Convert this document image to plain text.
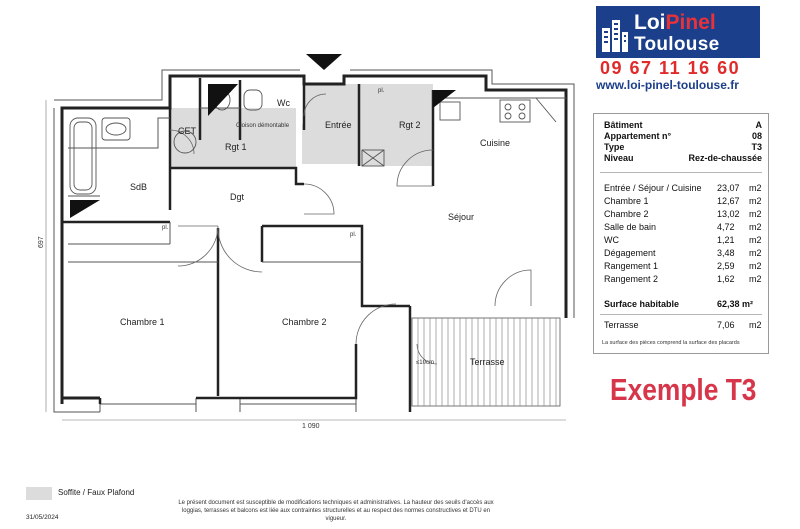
Wc
CET
Rgt 1
Entrée	Rgt 2
Cuisine
SdB
Dgt
Séjour
Chambre 1	Chambre 2
Terrasse
Cloison démontable
pl.
pl.
pl.
≤10cm
1 090
697
LoiPinel
Toulouse
09 67 11 16 60
www.loi-pinel-toulouse.fr
Bâtiment	A
Appartement n°	08
Type	T3
Niveau	Rez-de-chaussée
Entrée / Séjour / Cuisine 23,07 m2
Chambre 1	12,67 m2
Chambre 2	13,02 m2
Salle de bain	4,72 m2
WC	1,21 m2
Dégagement	3,48 m2
Rangement 1	2,59 m2
Rangement 2	1,62 m2
Surface habitable	62,38 m²
Terrasse	7,06 m2
La surface des pièces comprend la surface des placards
Exemple T3
Soffite / Faux Plafond
31/05/2024
Le présent document est susceptible de modifications techniques et administratives. La hauteur des seuils d'accès aux loggias, terrasses et balcons est liée aux contraintes structurelles et au respect des normes constructives et DTU en vigueur.
